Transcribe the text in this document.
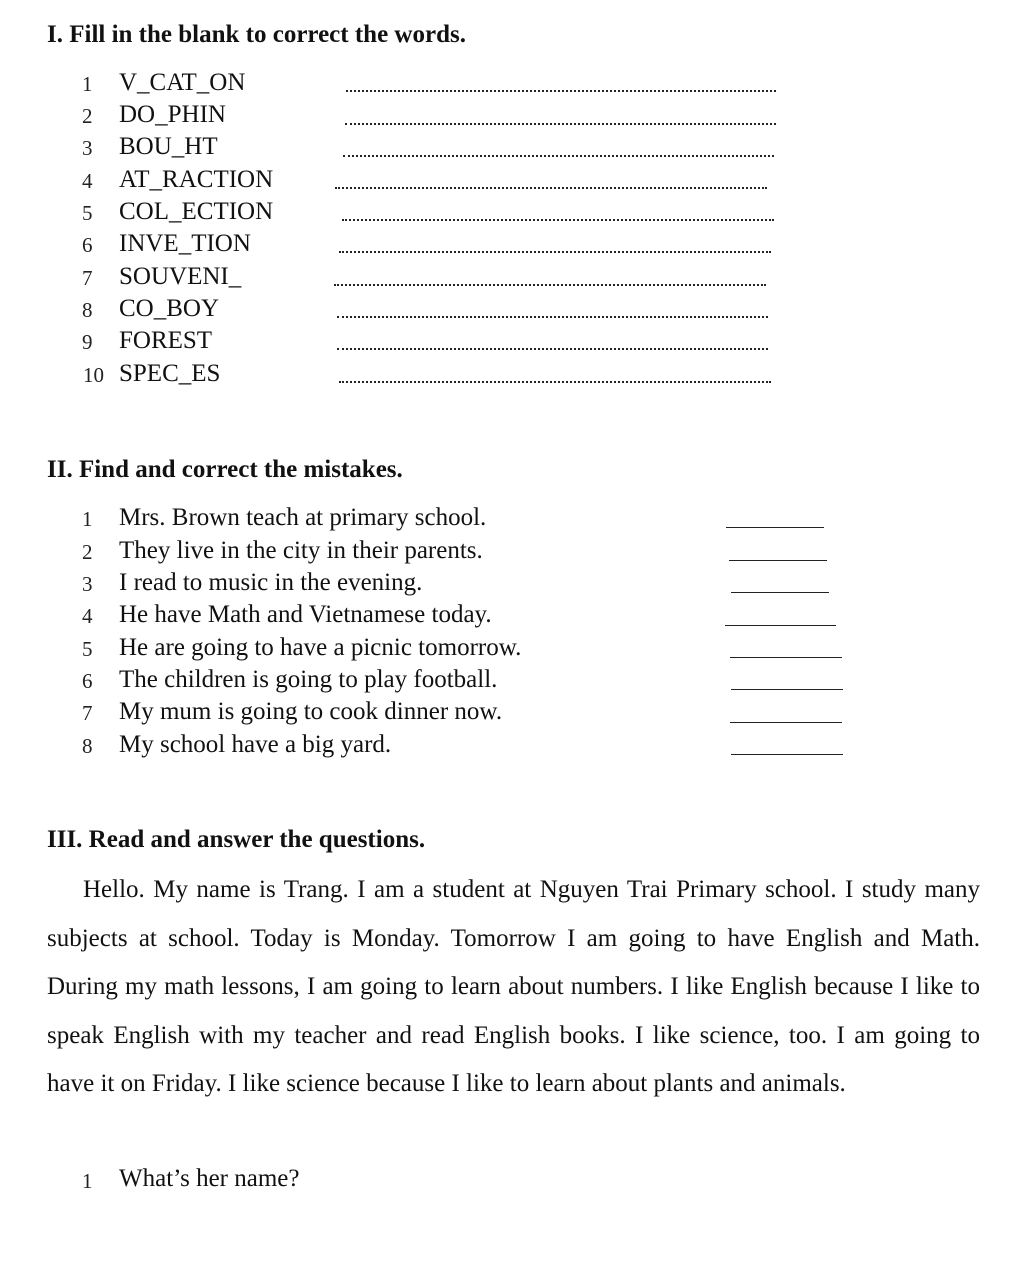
I. Fill in the blank to correct the words.
1	V_CAT_ON
2	DO_PHIN
3	BOU_HT
4	AT_RACTION
5	COL_ECTION
6	INVE_TION
7	SOUVENI_
8	CO_BOY
9	FOREST
10 SPEC_ES
II. Find and correct the mistakes.
1	Mrs. Brown teach at primary school.
2	They live in the city in their parents.
3	I read to music in the evening.
4	He have Math and Vietnamese today.
5	He are going to have a picnic tomorrow.
6	The children is going to play football.
7	My mum is going to cook dinner now.
8	My school have a big yard.
III. Read and answer the questions.

Hello. My name is Trang. I am a student at Nguyen Trai Primary school. I study many subjects at school. Today is Monday. Tomorrow I am going to have English and Math. During my math lessons, I am going to learn about numbers. I like English because I like to speak English with my teacher and read English books. I like science, too. I am going to have it on Friday. I like science because I like to learn about plants and animals.

1	What’s her name?
